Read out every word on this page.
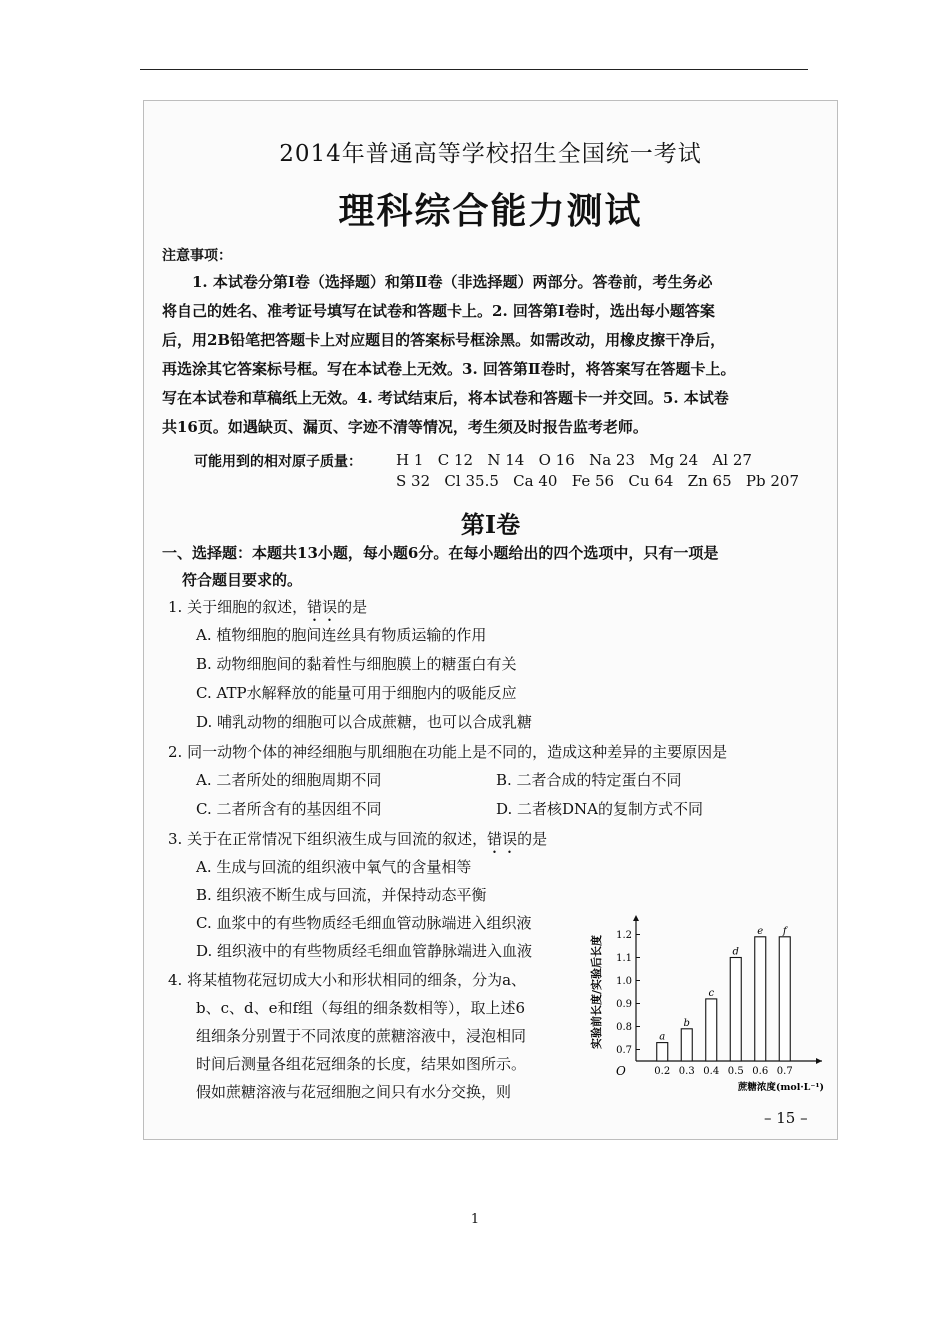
2014年普通高等学校招生全国统一考试
理科综合能力测试
注意事项：
1. 本试卷分第Ⅰ卷（选择题）和第Ⅱ卷（非选择题）两部分。答卷前，考生务必
将自己的姓名、准考证号填写在试卷和答题卡上。2. 回答第Ⅰ卷时，选出每小题答案
后，用2B铅笔把答题卡上对应题目的答案标号框涂黑。如需改动，用橡皮擦干净后，
再选涂其它答案标号框。写在本试卷上无效。3. 回答第Ⅱ卷时，将答案写在答题卡上。
写在本试卷和草稿纸上无效。4. 考试结束后，将本试卷和答题卡一并交回。5. 本试卷
共16页。如遇缺页、漏页、字迹不清等情况，考生须及时报告监考老师。
可能用到的相对原子质量： H 1   C 12   N 14   O 16   Na 23   Mg 24   Al 27
S 32   Cl 35.5   Ca 40   Fe 56   Cu 64   Zn 65   Pb 207
第Ⅰ卷
一、选择题：本题共13小题，每小题6分。在每小题给出的四个选项中，只有一项是
符合题目要求的。
1. 关于细胞的叙述，错误的是
A. 植物细胞的胞间连丝具有物质运输的作用
B. 动物细胞间的黏着性与细胞膜上的糖蛋白有关
C. ATP水解释放的能量可用于细胞内的吸能反应
D. 哺乳动物的细胞可以合成蔗糖，也可以合成乳糖
2. 同一动物个体的神经细胞与肌细胞在功能上是不同的，造成这种差异的主要原因是
A. 二者所处的细胞周期不同	B. 二者合成的特定蛋白不同
C. 二者所含有的基因组不同	D. 二者核DNA的复制方式不同
3. 关于在正常情况下组织液生成与回流的叙述，错误的是
A. 生成与回流的组织液中氧气的含量相等
B. 组织液不断生成与回流，并保持动态平衡
C. 血浆中的有些物质经毛细血管动脉端进入组织液
D. 组织液中的有些物质经毛细血管静脉端进入血液
4. 将某植物花冠切成大小和形状相同的细条，分为a、
b、c、d、e和f组（每组的细条数相等），取上述6
组细条分别置于不同浓度的蔗糖溶液中，浸泡相同
时间后测量各组花冠细条的长度，结果如图所示。
假如蔗糖溶液与花冠细胞之间只有水分交换，则
O
0.7
0.8
0.9
1.0
1.1
1.2
a
0.2
b
0.3
c
0.4
d
0.5
e
0.6
f
0.7
蔗糖浓度(mol·L⁻¹)
实验前长度/实验后长度
– 15 –
1
